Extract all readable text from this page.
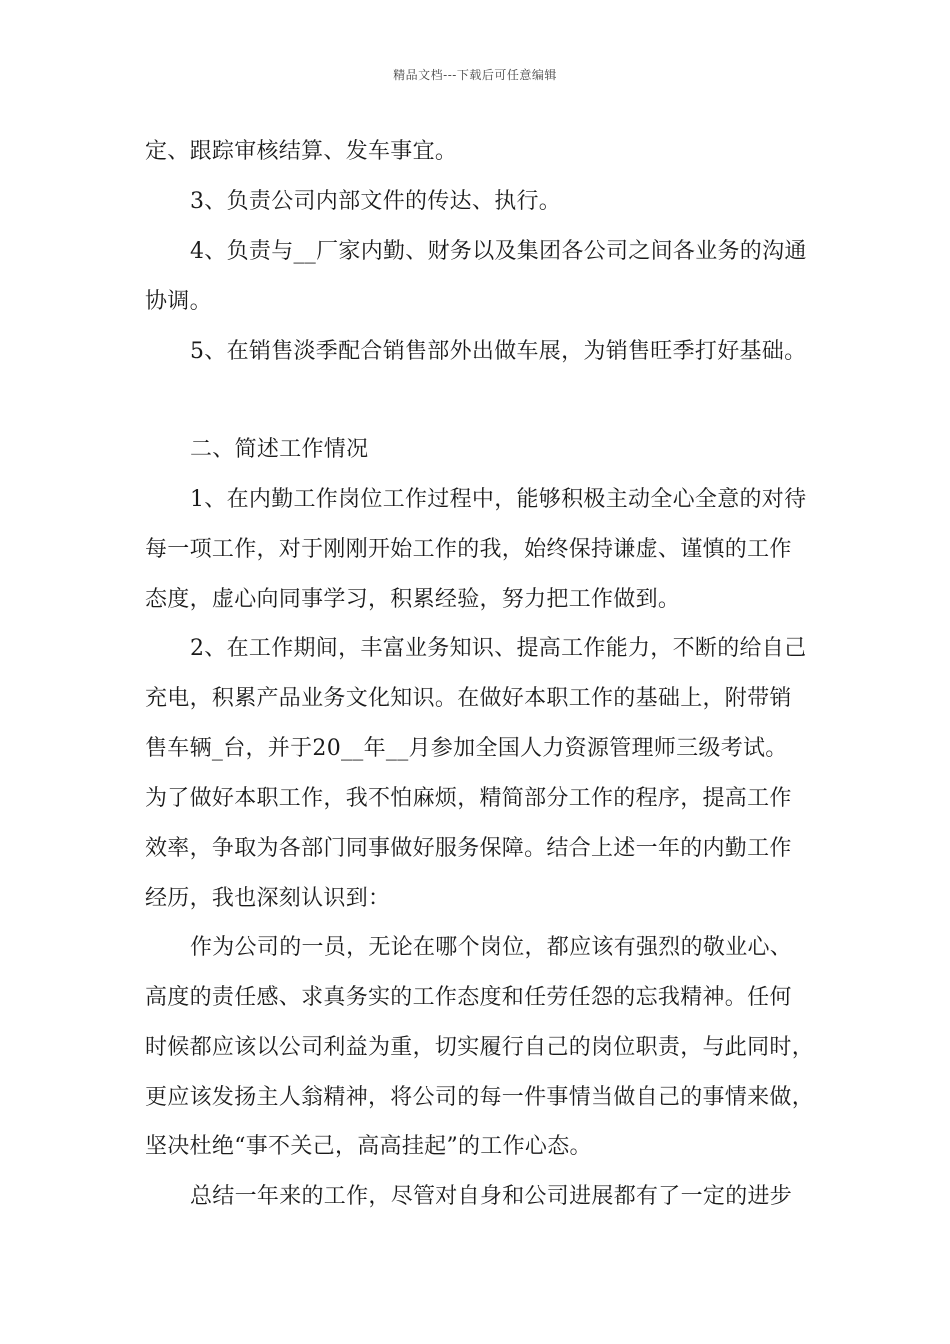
精品文档---下载后可任意编辑
定、跟踪审核结算、发车事宜。
3、负责公司内部文件的传达、执行。
4、负责与__厂家内勤、财务以及集团各公司之间各业务的沟通
协调。
5、在销售淡季配合销售部外出做车展，为销售旺季打好基础。
二、简述工作情况
1、在内勤工作岗位工作过程中，能够积极主动全心全意的对待
每一项工作，对于刚刚开始工作的我，始终保持谦虚、谨慎的工作
态度，虚心向同事学习，积累经验，努力把工作做到。
2、在工作期间，丰富业务知识、提高工作能力，不断的给自己
充电，积累产品业务文化知识。在做好本职工作的基础上，附带销
售车辆_台，并于20__年__月参加全国人力资源管理师三级考试。
为了做好本职工作，我不怕麻烦，精简部分工作的程序，提高工作
效率，争取为各部门同事做好服务保障。结合上述一年的内勤工作
经历，我也深刻认识到：
作为公司的一员，无论在哪个岗位，都应该有强烈的敬业心、
高度的责任感、求真务实的工作态度和任劳任怨的忘我精神。任何
时候都应该以公司利益为重，切实履行自己的岗位职责，与此同时，
更应该发扬主人翁精神，将公司的每一件事情当做自己的事情来做，
坚决杜绝“事不关己，高高挂起”的工作心态。
总结一年来的工作，尽管对自身和公司进展都有了一定的进步
